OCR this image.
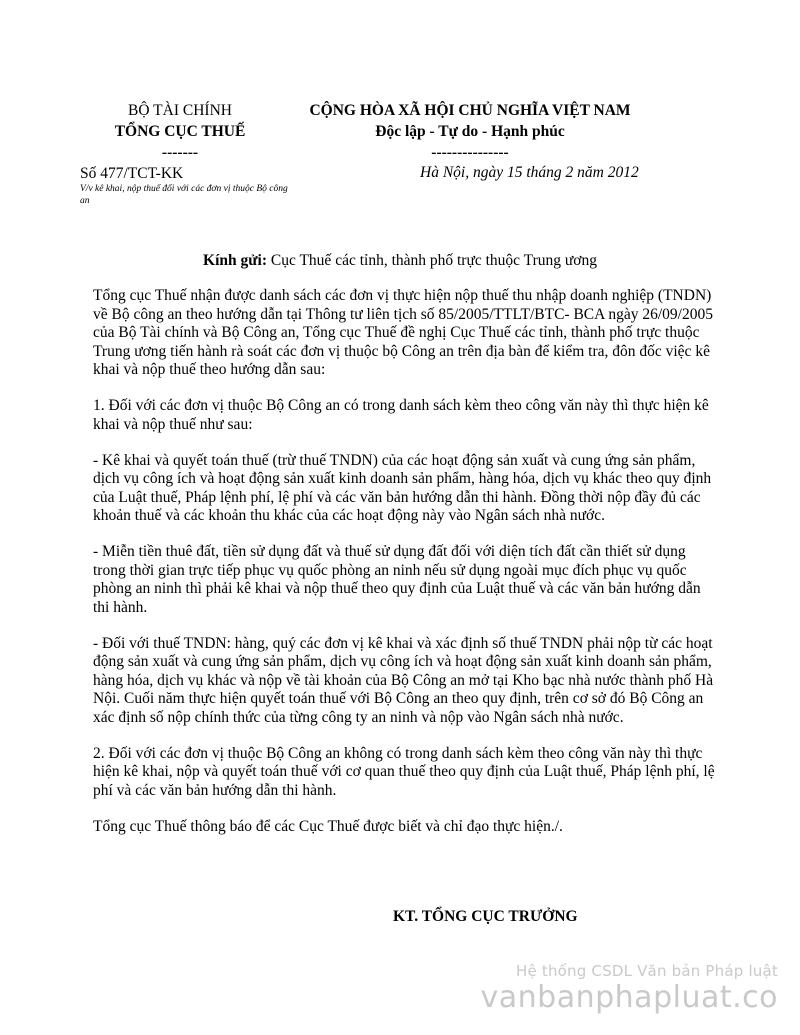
BỘ TÀI CHÍNH
TỔNG CỤC THUẾ
-------
CỘNG HÒA XÃ HỘI CHỦ NGHĨA VIỆT NAM
Độc lập - Tự do - Hạnh phúc
---------------
Số 477/TCT-KK
V/v kê khai, nộp thuế đối với các đơn vị thuộc Bộ công an
Hà Nội, ngày 15 tháng 2 năm 2012
Kính gửi: Cục Thuế các tỉnh, thành phố trực thuộc Trung ương

Tổng cục Thuế nhận được danh sách các đơn vị thực hiện nộp thuế thu nhập doanh nghiệp (TNDN) về Bộ công an theo hướng dẫn tại Thông tư liên tịch số 85/2005/TTLT/BTC- BCA ngày 26/09/2005 của Bộ Tài chính và Bộ Công an, Tổng cục Thuế đề nghị Cục Thuế các tỉnh, thành phố trực thuộc Trung ương tiến hành rà soát các đơn vị thuộc bộ Công an trên địa bàn để kiểm tra, đôn đốc việc kê khai và nộp thuế theo hướng dẫn sau:

1. Đối với các đơn vị thuộc Bộ Công an có trong danh sách kèm theo công văn này thì thực hiện kê khai và nộp thuế như sau:

- Kê khai và quyết toán thuế (trừ thuế TNDN) của các hoạt động sản xuất và cung ứng sản phẩm, dịch vụ công ích và hoạt động sản xuất kinh doanh sản phẩm, hàng hóa, dịch vụ khác theo quy định của Luật thuế, Pháp lệnh phí, lệ phí và các văn bản hướng dẫn thi hành. Đồng thời nộp đầy đủ các khoản thuế và các khoản thu khác của các hoạt động này vào Ngân sách nhà nước.

- Miễn tiền thuê đất, tiền sử dụng đất và thuế sử dụng đất đối với diện tích đất cần thiết sử dụng trong thời gian trực tiếp phục vụ quốc phòng an ninh nếu sử dụng ngoài mục đích phục vụ quốc phòng an ninh thì phải kê khai và nộp thuế theo quy định của Luật thuế và các văn bản hướng dẫn thi hành.

- Đối với thuế TNDN: hàng, quý các đơn vị kê khai và xác định số thuế TNDN phải nộp từ các hoạt động sản xuất và cung ứng sản phẩm, dịch vụ công ích và hoạt động sản xuất kinh doanh sản phẩm, hàng hóa, dịch vụ khác và nộp về tài khoản của Bộ Công an mở tại Kho bạc nhà nước thành phố Hà Nội. Cuối năm thực hiện quyết toán thuế với Bộ Công an theo quy định, trên cơ sở đó Bộ Công an xác định số nộp chính thức của từng công ty an ninh và nộp vào Ngân sách nhà nước.

2. Đối với các đơn vị thuộc Bộ Công an không có trong danh sách kèm theo công văn này thì thực hiện kê khai, nộp và quyết toán thuế với cơ quan thuế theo quy định của Luật thuế, Pháp lệnh phí, lệ phí và các văn bản hướng dẫn thi hành.

Tổng cục Thuế thông báo để các Cục Thuế được biết và chỉ đạo thực hiện./.

KT. TỔNG CỤC TRƯỞNG
Hệ thống CSDL Văn bản Pháp luật
vanbanphapluat.co
